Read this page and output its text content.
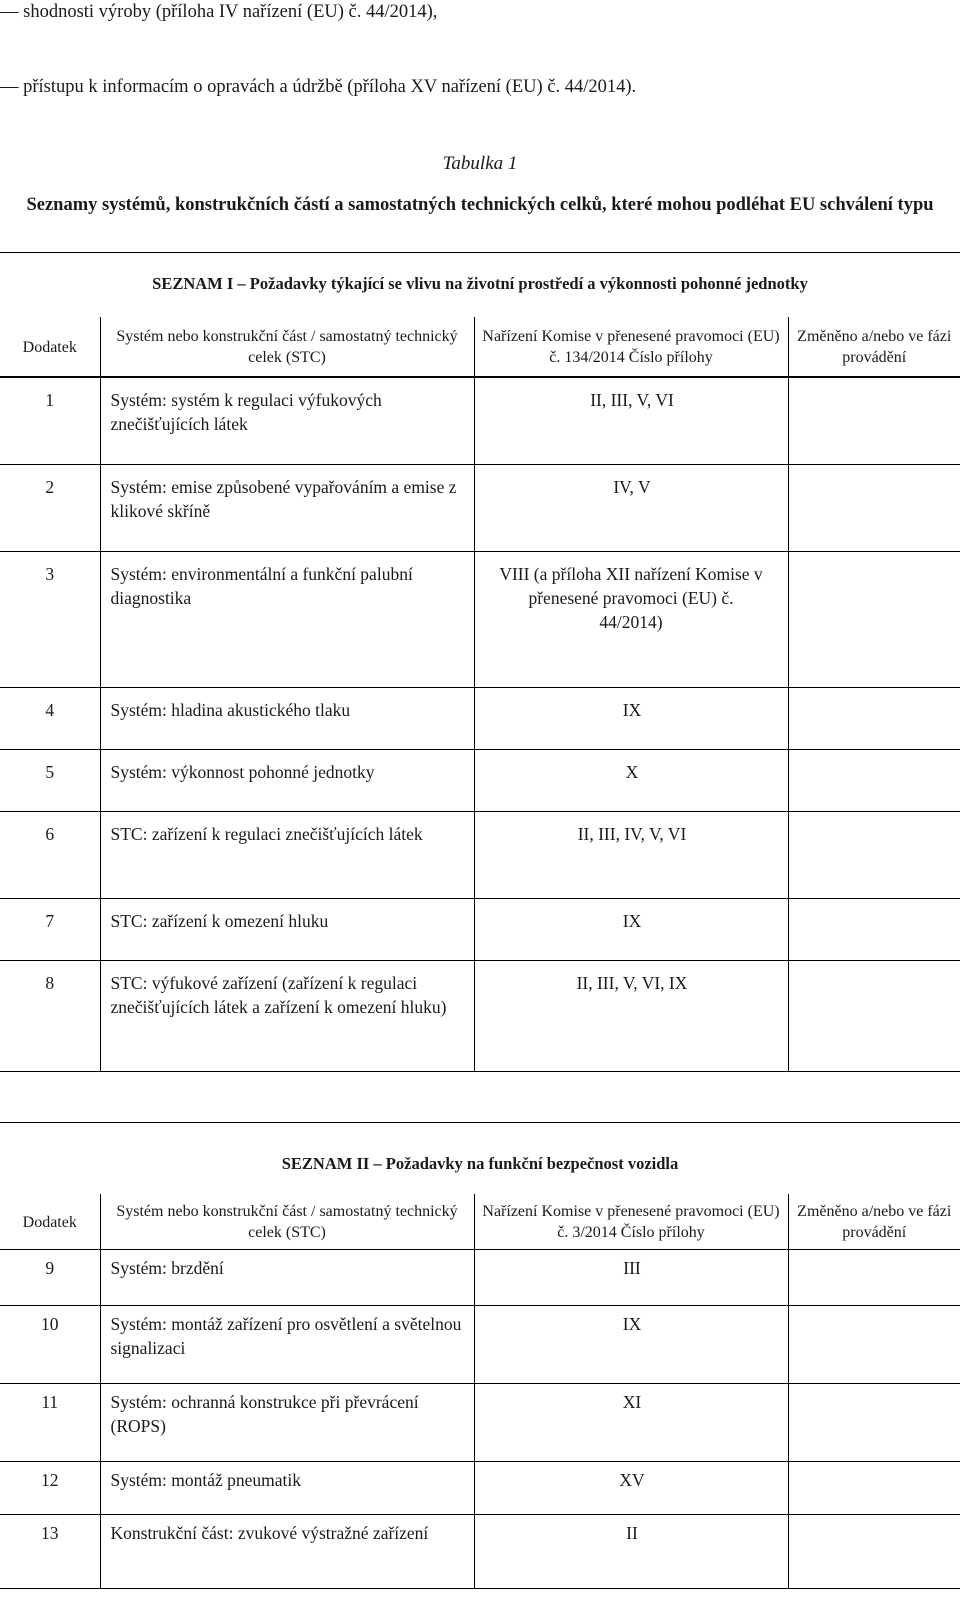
— shodnosti výroby (příloha IV nařízení (EU) č. 44/2014),
— přístupu k informacím o opravách a údržbě (příloha XV nařízení (EU) č. 44/2014).
Tabulka 1
Seznamy systémů, konstrukčních částí a samostatných technických celků, které mohou podléhat EU schválení typu
SEZNAM I – Požadavky týkající se vlivu na životní prostředí a výkonnosti pohonné jednotky
Dodatek	Systém nebo konstrukční část / samostatný technický celek (STC)	Nařízení Komise v přenesené pravomoci (EU) č. 134/2014 Číslo přílohy	Změněno a/nebo ve fázi provádění
1	Systém: systém k regulaci výfukových znečišťujících látek	II, III, V, VI	
2	Systém: emise způsobené vypařováním a emise z klikové skříně	IV, V	
3	Systém: environmentální a funkční palubní diagnostika	VIII (a příloha XII nařízení Komise v přenesené pravomoci (EU) č. 44/2014)	
4	Systém: hladina akustického tlaku	IX	
5	Systém: výkonnost pohonné jednotky	X	
6	STC: zařízení k regulaci znečišťujících látek	II, III, IV, V, VI	
7	STC: zařízení k omezení hluku	IX	
8	STC: výfukové zařízení (zařízení k regulaci znečišťujících látek a zařízení k omezení hluku)	II, III, V, VI, IX	
SEZNAM II – Požadavky na funkční bezpečnost vozidla
Dodatek	Systém nebo konstrukční část / samostatný technický celek (STC)	Nařízení Komise v přenesené pravomoci (EU) č. 3/2014 Číslo přílohy	Změněno a/nebo ve fázi provádění
9	Systém: brzdění	III	
10	Systém: montáž zařízení pro osvětlení a světelnou signalizaci	IX	
11	Systém: ochranná konstrukce při převrácení (ROPS)	XI	
12	Systém: montáž pneumatik	XV	
13	Konstrukční část: zvukové výstražné zařízení	II	
